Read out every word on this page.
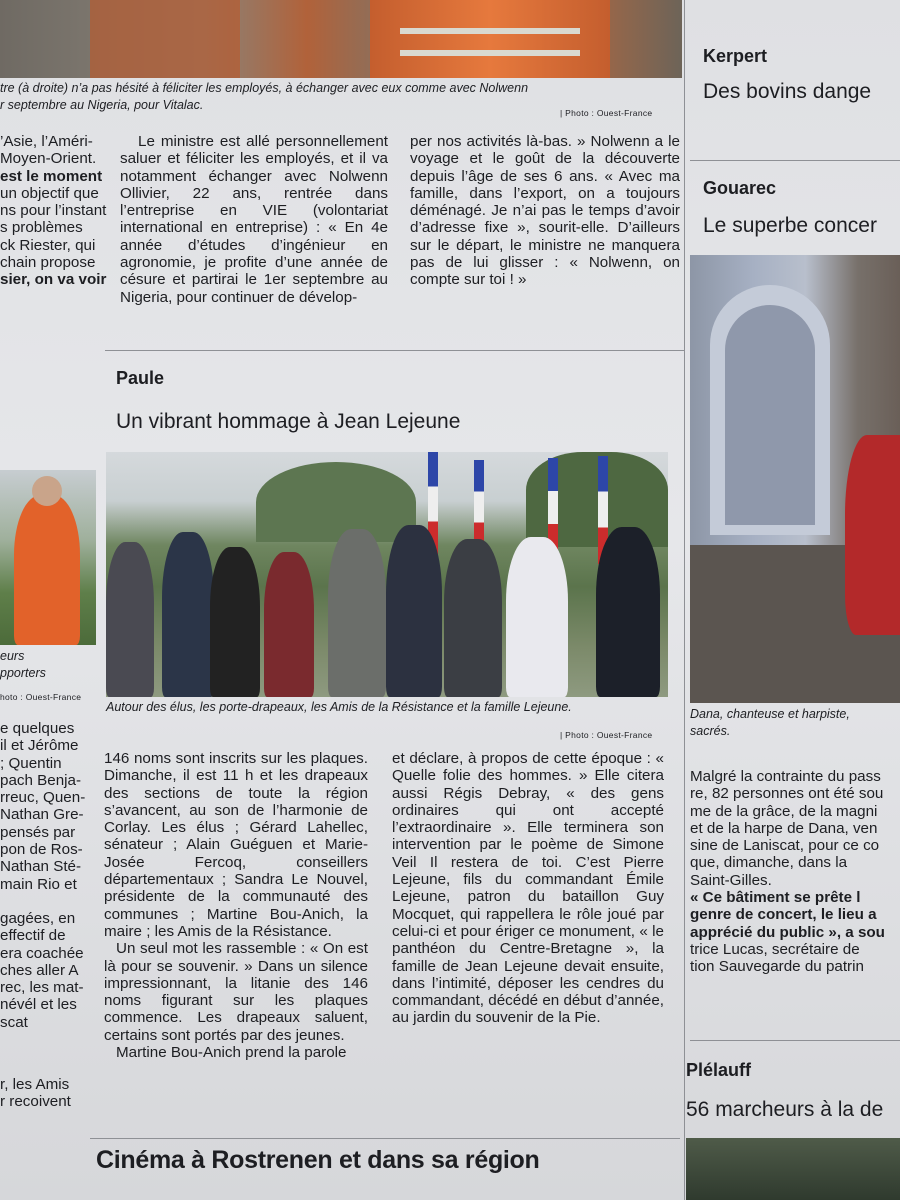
tre (à droite) n’a pas hésité à féliciter les employés, à échanger avec eux comme avec Nolwenn
r septembre au Nigeria, pour Vitalac.
| Photo : Ouest-France
’Asie, l’Améri-
Moyen-Orient.
est le moment
un objectif que
ns pour l’instant
s problèmes
ck Riester, qui
chain propose
sier, on va voir
Le ministre est allé personnellement saluer et féliciter les employés, et il va notamment échanger avec Nolwenn Ollivier, 22 ans, rentrée dans l’entreprise en VIE (volontariat international en entreprise) : « En 4e année d’études d’ingénieur en agronomie, je profite d’une année de césure et partirai le 1er septembre au Nigeria, pour continuer de dévelop-
per nos activités là-bas. » Nolwenn a le voyage et le goût de la découverte depuis l’âge de ses 6 ans. « Avec ma famille, dans l’export, on a toujours déménagé. Je n’ai pas le temps d’avoir d’adresse fixe », sourit-elle. D’ailleurs sur le départ, le ministre ne manquera pas de lui glisser : « Nolwenn, on compte sur toi ! »
Paule
Un vibrant hommage à Jean Lejeune
Autour des élus, les porte-drapeaux, les Amis de la Résistance et la famille Lejeune.
| Photo : Ouest-France
146 noms sont inscrits sur les plaques. Dimanche, il est 11 h et les drapeaux des sections de toute la région s’avancent, au son de l’harmonie de Corlay. Les élus ; Gérard Lahellec, sénateur ; Alain Guéguen et Marie-Josée Fercoq, conseillers départementaux ; Sandra Le Nouvel, présidente de la communauté des communes ; Martine Bou-Anich, la maire ; les Amis de la Résistance.
Un seul mot les rassemble : « On est là pour se souvenir. » Dans un silence impressionnant, la litanie des 146 noms figurant sur les plaques commence. Les drapeaux saluent, certains sont portés par des jeunes.
Martine Bou-Anich prend la parole
et déclare, à propos de cette époque : « Quelle folie des hommes. » Elle citera aussi Régis Debray, « des gens ordinaires qui ont accepté l’extraordinaire ». Elle terminera son intervention par le poème de Simone Veil Il restera de toi. C’est Pierre Lejeune, fils du commandant Émile Lejeune, patron du bataillon Guy Mocquet, qui rappellera le rôle joué par celui-ci et pour ériger ce monument, « le panthéon du Centre-Bretagne », la famille de Jean Lejeune devait ensuite, dans l’intimité, déposer les cendres du commandant, décédé en début d’année, au jardin du souvenir de la Pie.
eurs
pporters
hoto : Ouest-France
e quelques
il et Jérôme
; Quentin
pach Benja-
rreuc, Quen-
Nathan Gre-
pensés par
pon de Ros-
Nathan Sté-
main Rio et
gagées, en
effectif de
era coachée
ches aller A
rec, les mat-
névél et les
scat
r, les Amis
r recoivent
Kerpert
Des bovins dange
Gouarec
Le superbe concer
Dana, chanteuse et harpiste,
sacrés.
Malgré la contrainte du pass
re, 82 personnes ont été sou
me de la grâce, de la magni
et de la harpe de Dana, ven
sine de Laniscat, pour ce co
que, dimanche, dans la
Saint-Gilles.
« Ce bâtiment se prête l
genre de concert, le lieu a
apprécié du public », a sou
trice Lucas, secrétaire de
tion Sauvegarde du patrin
Plélauff
56 marcheurs à la de
Cinéma à Rostrenen et dans sa région
